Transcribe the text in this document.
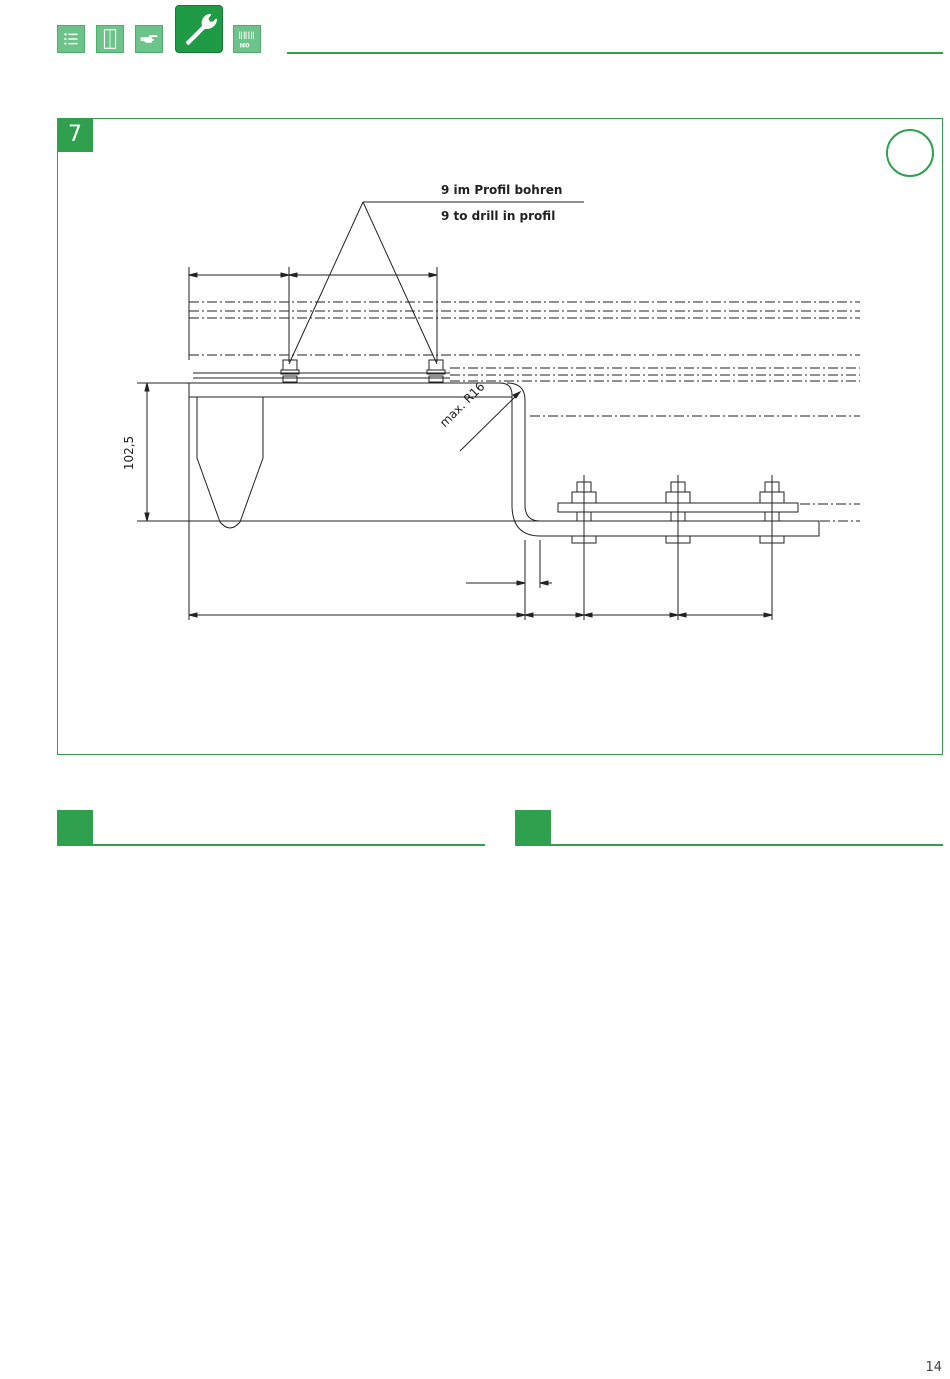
N0
7
9 im Profil bohren
9 to drill in profil
102,5
max. R16
14
